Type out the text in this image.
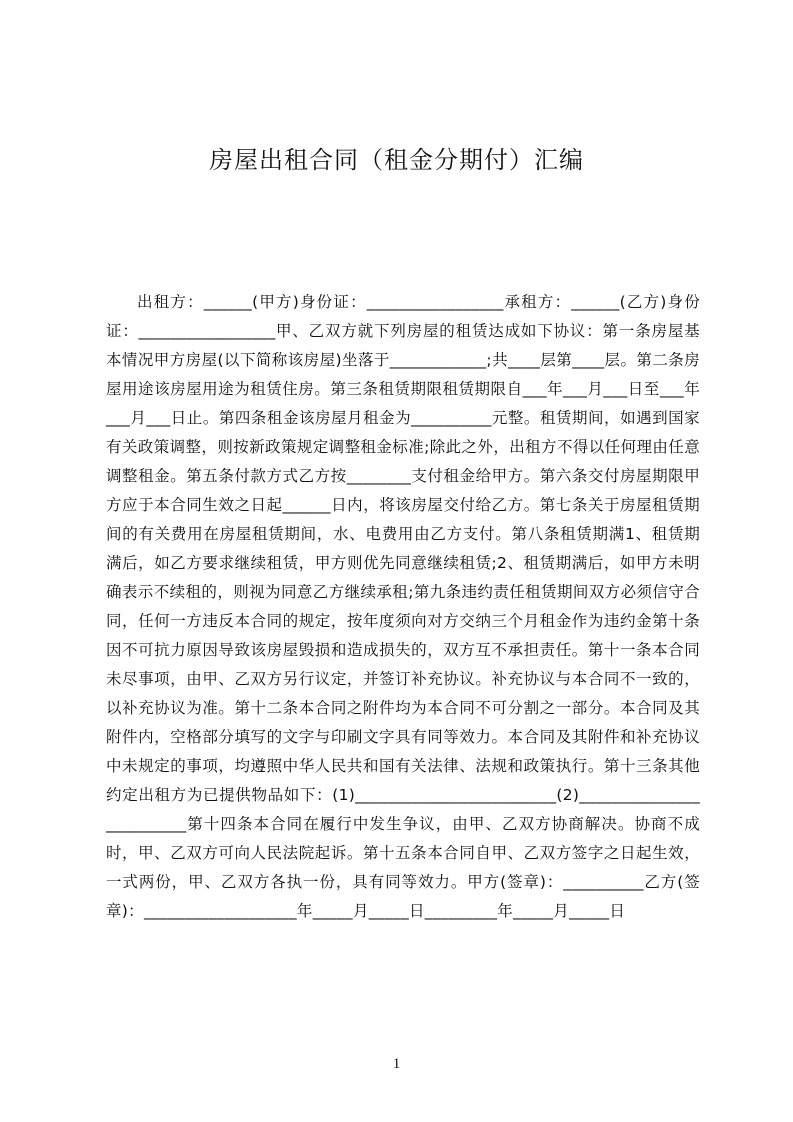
房屋出租合同（租金分期付）汇编
出租方：______(甲方)身份证：_________________承租方：______(乙方)身份证：_________________甲、乙双方就下列房屋的租赁达成如下协议：第一条房屋基本情况甲方房屋(以下简称该房屋)坐落于____________;共____层第____层。第二条房屋用途该房屋用途为租赁住房。第三条租赁期限租赁期限自___年___月___日至___年___月___日止。第四条租金该房屋月租金为__________元整。租赁期间，如遇到国家有关政策调整，则按新政策规定调整租金标准;除此之外，出租方不得以任何理由任意调整租金。第五条付款方式乙方按________支付租金给甲方。第六条交付房屋期限甲方应于本合同生效之日起______日内，将该房屋交付给乙方。第七条关于房屋租赁期间的有关费用在房屋租赁期间，水、电费用由乙方支付。第八条租赁期满1、租赁期满后，如乙方要求继续租赁，甲方则优先同意继续租赁;2、租赁期满后，如甲方未明确表示不续租的，则视为同意乙方继续承租;第九条违约责任租赁期间双方必须信守合同，任何一方违反本合同的规定，按年度须向对方交纳三个月租金作为违约金第十条因不可抗力原因导致该房屋毁损和造成损失的，双方互不承担责任。第十一条本合同未尽事项，由甲、乙双方另行议定，并签订补充协议。补充协议与本合同不一致的，以补充协议为准。第十二条本合同之附件均为本合同不可分割之一部分。本合同及其附件内，空格部分填写的文字与印刷文字具有同等效力。本合同及其附件和补充协议中未规定的事项，均遵照中华人民共和国有关法律、法规和政策执行。第十三条其他约定出租方为已提供物品如下：(1)_________________________(2)_________________________第十四条本合同在履行中发生争议，由甲、乙双方协商解决。协商不成时，甲、乙双方可向人民法院起诉。第十五条本合同自甲、乙双方签字之日起生效，一式两份，甲、乙双方各执一份，具有同等效力。甲方(签章)：__________乙方(签章)：___________________年_____月_____日_________年_____月_____日
1
